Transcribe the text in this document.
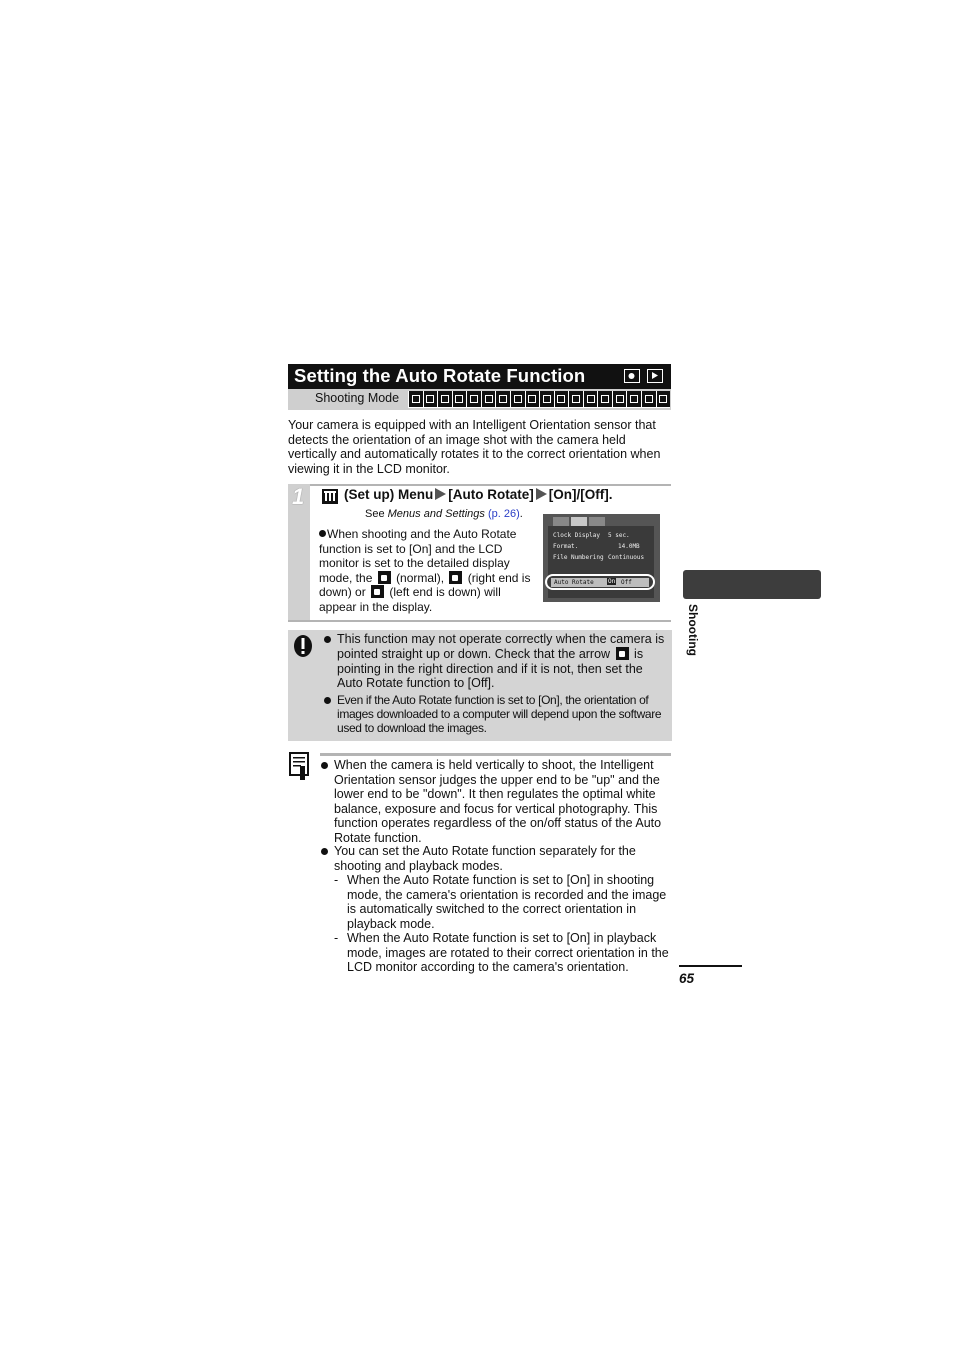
Setting the Auto Rotate Function
Shooting Mode
Your camera is equipped with an Intelligent Orientation sensor that detects the orientation of an image shot with the camera held vertically and automatically rotates it to the correct orientation when viewing it in the LCD monitor.
1	(Set up) Menu [Auto Rotate] [On]/[Off].
See Menus and Settings (p. 26).
When shooting and the Auto Rotate function is set to [On] and the LCD monitor is set to the detailed display mode, the (normal), (right end is down) or (left end is down) will appear in the display.
Clock Display 5 sec.
Format.	14.0MB
File Numbering Continuous
Auto Rotate On Off
This function may not operate correctly when the camera is pointed straight up or down. Check that the arrow is pointing in the right direction and if it is not, then set the Auto Rotate function to [Off].
Even if the Auto Rotate function is set to [On], the orientation of images downloaded to a computer will depend upon the software used to download the images.
When the camera is held vertically to shoot, the Intelligent Orientation sensor judges the upper end to be "up" and the lower end to be "down". It then regulates the optimal white balance, exposure and focus for vertical photography. This function operates regardless of the on/off status of the Auto Rotate function.
You can set the Auto Rotate function separately for the shooting and playback modes.
- When the Auto Rotate function is set to [On] in shooting mode, the camera's orientation is recorded and the image is automatically switched to the correct orientation in playback mode.
- When the Auto Rotate function is set to [On] in playback mode, images are rotated to their correct orientation in the LCD monitor according to the camera's orientation.
Shooting
65
